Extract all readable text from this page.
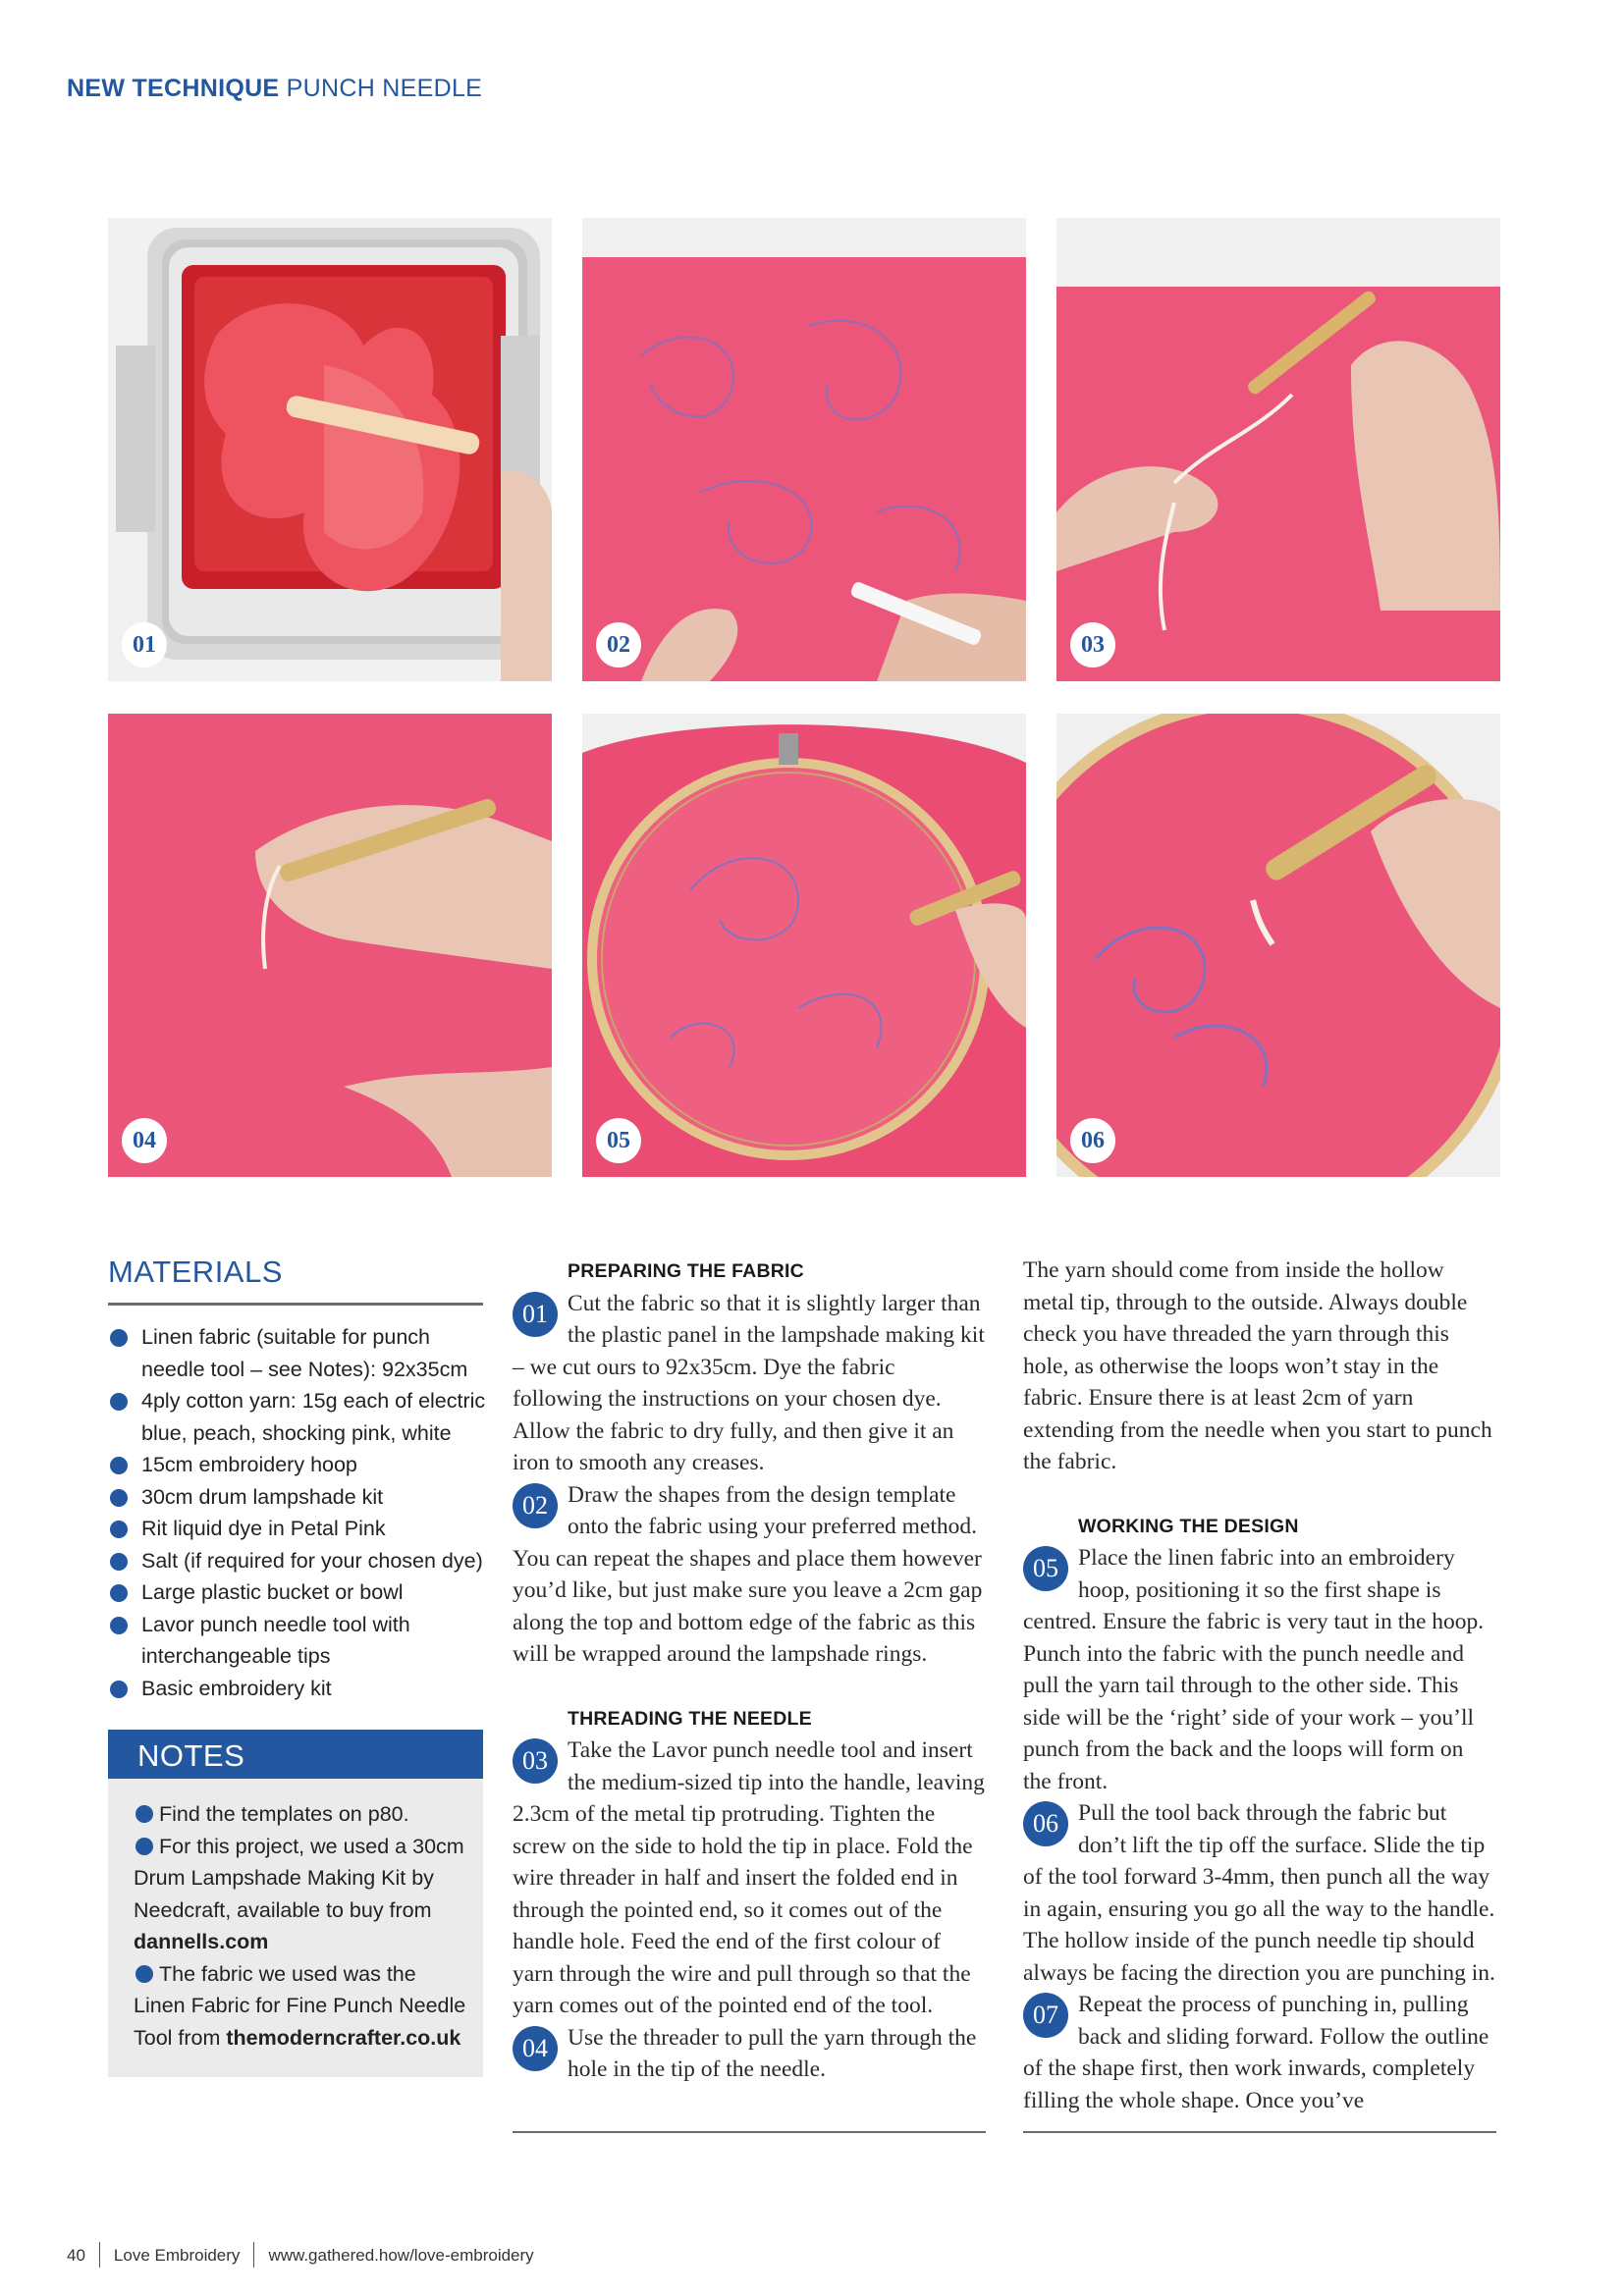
NEW TECHNIQUE PUNCH NEEDLE
01	02	03
04	05	06
MATERIALS
Linen fabric (suitable for punch needle tool – see Notes): 92x35cm
4ply cotton yarn: 15g each of electric blue, peach, shocking pink, white
15cm embroidery hoop
30cm drum lampshade kit
Rit liquid dye in Petal Pink
Salt (if required for your chosen dye)
Large plastic bucket or bowl
Lavor punch needle tool with interchangeable tips
Basic embroidery kit
NOTES
Find the templates on p80.
For this project, we used a 30cm Drum Lampshade Making Kit by Needcraft, available to buy from dannells.com
The fabric we used was the Linen Fabric for Fine Punch Needle Tool from themoderncrafter.co.uk

PREPARING THE FABRIC

01 Cut the fabric so that it is slightly larger than the plastic panel in the lampshade making kit – we cut ours to 92x35cm. Dye the fabric following the instructions on your chosen dye. Allow the fabric to dry fully, and then give it an iron to smooth any creases.

02 Draw the shapes from the design template onto the fabric using your preferred method. You can repeat the shapes and place them however you’d like, but just make sure you leave a 2cm gap along the top and bottom edge of the fabric as this will be wrapped around the lampshade rings.

THREADING THE NEEDLE

03 Take the Lavor punch needle tool and insert the medium-sized tip into the handle, leaving 2.3cm of the metal tip protruding. Tighten the screw on the side to hold the tip in place. Fold the wire threader in half and insert the folded end in through the pointed end, so it comes out of the handle hole. Feed the end of the first colour of yarn through the wire and pull through so that the yarn comes out of the pointed end of the tool.

04 Use the threader to pull the yarn through the hole in the tip of the needle.

The yarn should come from inside the hollow metal tip, through to the outside. Always double check you have threaded the yarn through this hole, as otherwise the loops won’t stay in the fabric. Ensure there is at least 2cm of yarn extending from the needle when you start to punch the fabric.

WORKING THE DESIGN

05 Place the linen fabric into an embroidery hoop, positioning it so the first shape is centred. Ensure the fabric is very taut in the hoop. Punch into the fabric with the punch needle and pull the yarn tail through to the other side. This side will be the ‘right’ side of your work – you’ll punch from the back and the loops will form on the front.

06 Pull the tool back through the fabric but don’t lift the tip off the surface. Slide the tip of the tool forward 3-4mm, then punch all the way in again, ensuring you go all the way to the handle. The hollow inside of the punch needle tip should always be facing the direction you are punching in.

07 Repeat the process of punching in, pulling back and sliding forward. Follow the outline of the shape first, then work inwards, completely filling the whole shape. Once you’ve

40 Love Embroidery www.gathered.how/love-embroidery
